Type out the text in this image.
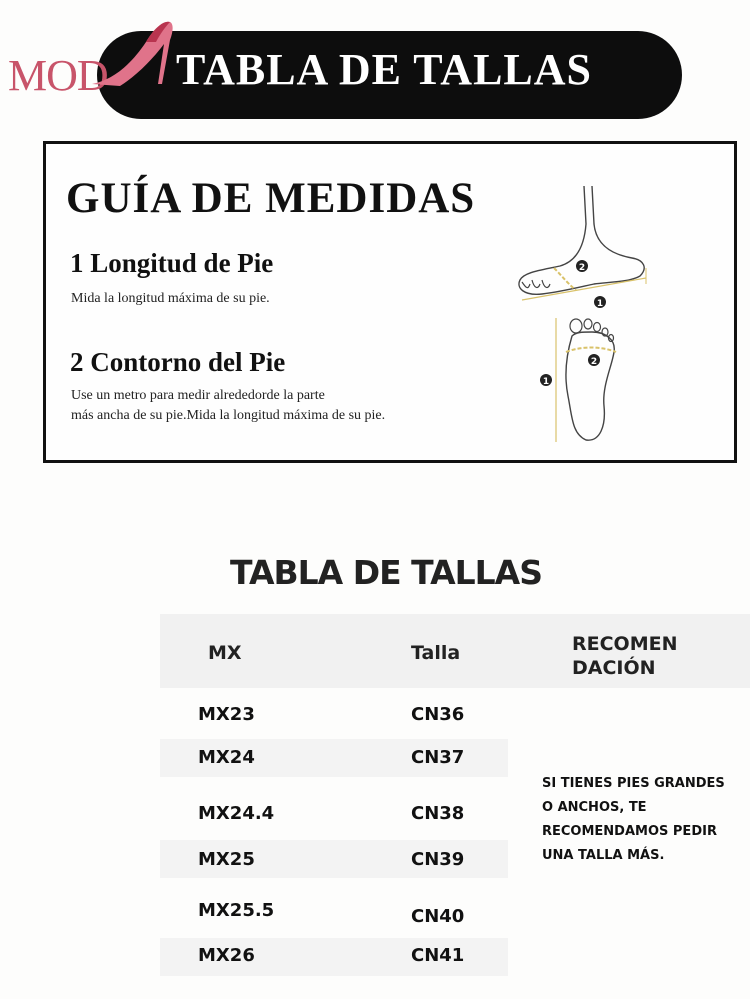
MOD TABLA DE TALLAS
GUÍA DE MEDIDAS
1 Longitud de Pie
Mida la longitud máxima de su pie.
2 Contorno del Pie
Use un metro para medir alrededorde la parte
más ancha de su pie.Mida la longitud máxima de su pie.
2
1
2
1
TABLA DE TALLAS
MX	Talla	RECOMEN
DACIÓN
MX23	CN36
MX24	CN37
MX24.4	CN38
MX25	CN39
MX25.5	CN40
MX26	CN41
SI TIENES PIES GRANDES
O ANCHOS, TE
RECOMENDAMOS PEDIR
UNA TALLA MÁS.
